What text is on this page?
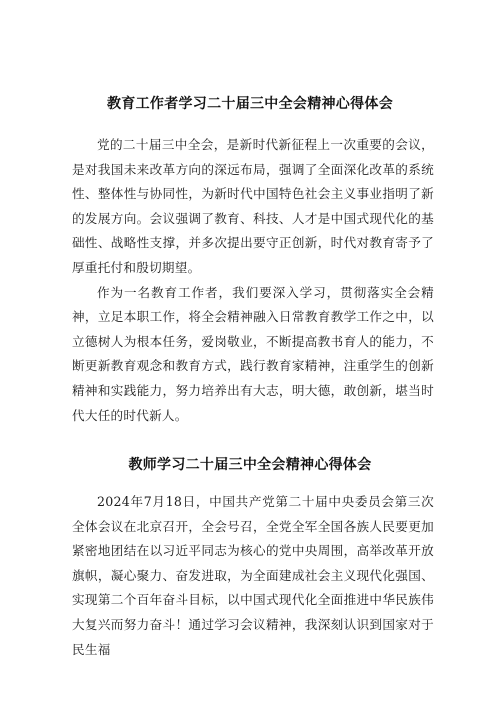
教育工作者学习二十届三中全会精神心得体会

党的二十届三中全会，是新时代新征程上一次重要的会议，是对我国未来改革方向的深远布局，强调了全面深化改革的系统性、整体性与协同性，为新时代中国特色社会主义事业指明了新的发展方向。会议强调了教育、科技、人才是中国式现代化的基础性、战略性支撑，并多次提出要守正创新，时代对教育寄予了厚重托付和殷切期望。

作为一名教育工作者，我们要深入学习，贯彻落实全会精神，立足本职工作，将全会精神融入日常教育教学工作之中，以立德树人为根本任务，爱岗敬业，不断提高教书育人的能力，不断更新教育观念和教育方式，践行教育家精神，注重学生的创新精神和实践能力，努力培养出有大志，明大德，敢创新，堪当时代大任的时代新人。

教师学习二十届三中全会精神心得体会

2024年7月18日，中国共产党第二十届中央委员会第三次全体会议在北京召开，全会号召，全党全军全国各族人民要更加紧密地团结在以习近平同志为核心的党中央周围，高举改革开放旗帜，凝心聚力、奋发进取，为全面建成社会主义现代化强国、实现第二个百年奋斗目标，以中国式现代化全面推进中华民族伟大复兴而努力奋斗！通过学习会议精神，我深刻认识到国家对于民生福
